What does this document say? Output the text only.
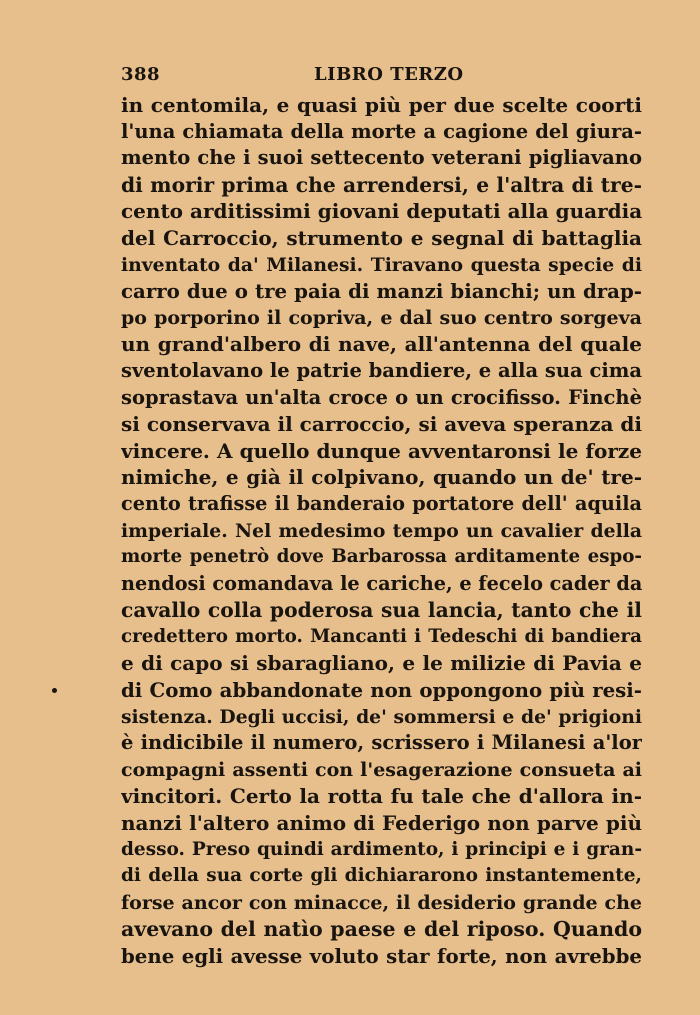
388	LIBRO TERZO
in centomila, e quasi più per due scelte coorti
l'una chiamata della morte a cagione del giura-
mento che i suoi settecento veterani pigliavano
di morir prima che arrendersi, e l'altra di tre-
cento arditissimi giovani deputati alla guardia
del Carroccio, strumento e segnal di battaglia
inventato da' Milanesi. Tiravano questa specie di
carro due o tre paia di manzi bianchi; un drap-
po porporino il copriva, e dal suo centro sorgeva
un grand'albero di nave, all'antenna del quale
sventolavano le patrie bandiere, e alla sua cima
soprastava un'alta croce o un crocifisso. Finchè
si conservava il carroccio, si aveva speranza di
vincere. A quello dunque avventaronsi le forze
nimiche, e già il colpivano, quando un de' tre-
cento trafisse il banderaio portatore dell' aquila
imperiale. Nel medesimo tempo un cavalier della
morte penetrò dove Barbarossa arditamente espo-
nendosi comandava le cariche, e fecelo cader da
cavallo colla poderosa sua lancia, tanto che il
credettero morto. Mancanti i Tedeschi di bandiera
e di capo si sbaragliano, e le milizie di Pavia e
di Como abbandonate non oppongono più resi-
sistenza. Degli uccisi, de' sommersi e de' prigioni
è indicibile il numero, scrissero i Milanesi a'lor
compagni assenti con l'esagerazione consueta ai
vincitori. Certo la rotta fu tale che d'allora in-
nanzi l'altero animo di Federigo non parve più
desso. Preso quindi ardimento, i principi e i gran-
di della sua corte gli dichiararono instantemente,
forse ancor con minacce, il desiderio grande che
avevano del natìo paese e del riposo. Quando
bene egli avesse voluto star forte, non avrebbe
